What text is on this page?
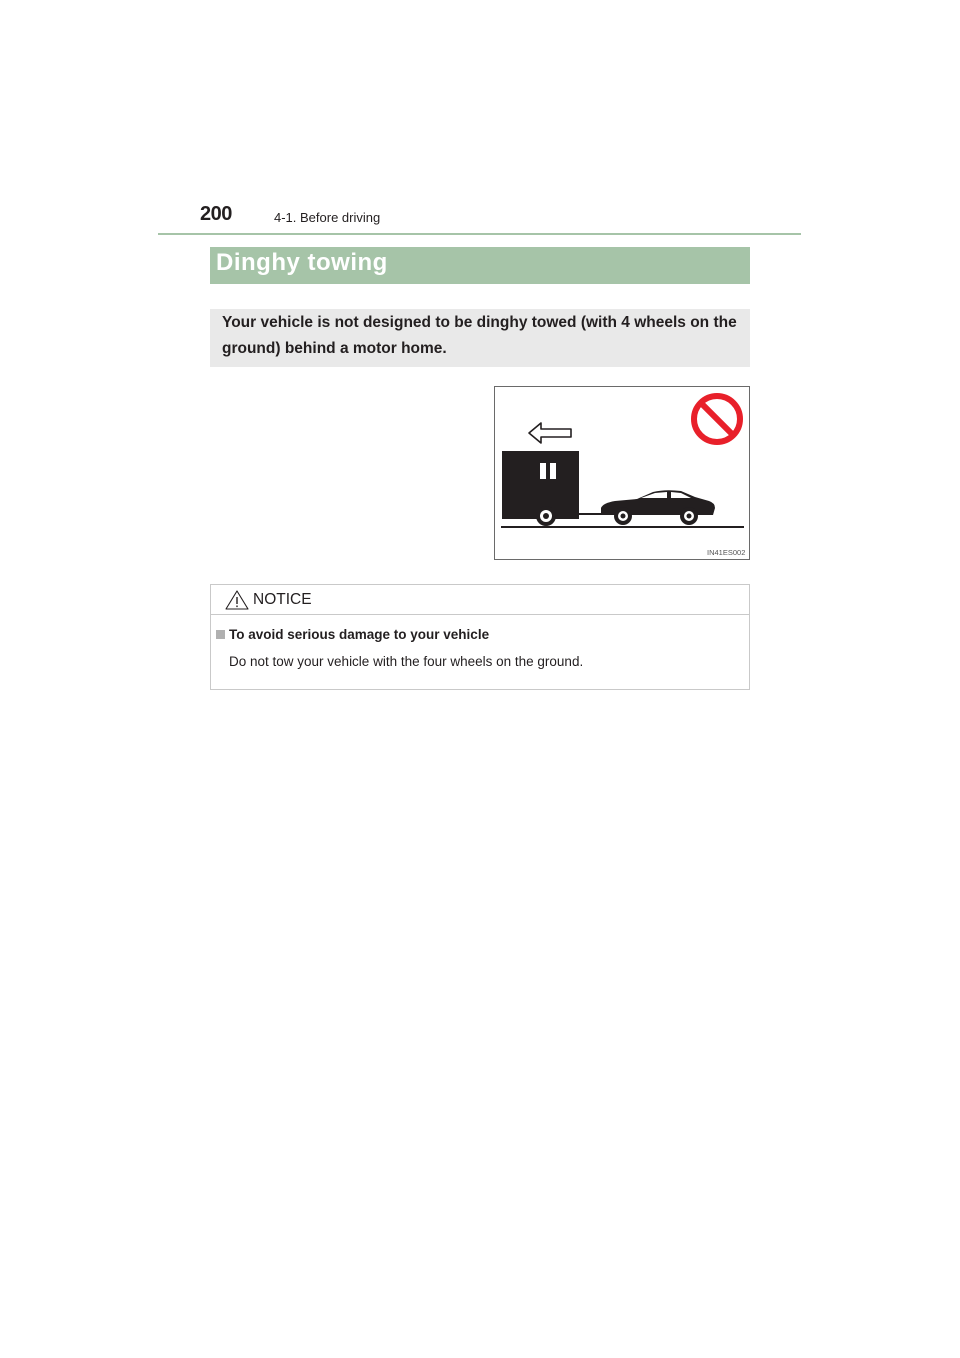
200	4-1. Before driving
Dinghy towing
Your vehicle is not designed to be dinghy towed (with 4 wheels on the ground) behind a motor home.
IN41ES002
NOTICE
To avoid serious damage to your vehicle
Do not tow your vehicle with the four wheels on the ground.
